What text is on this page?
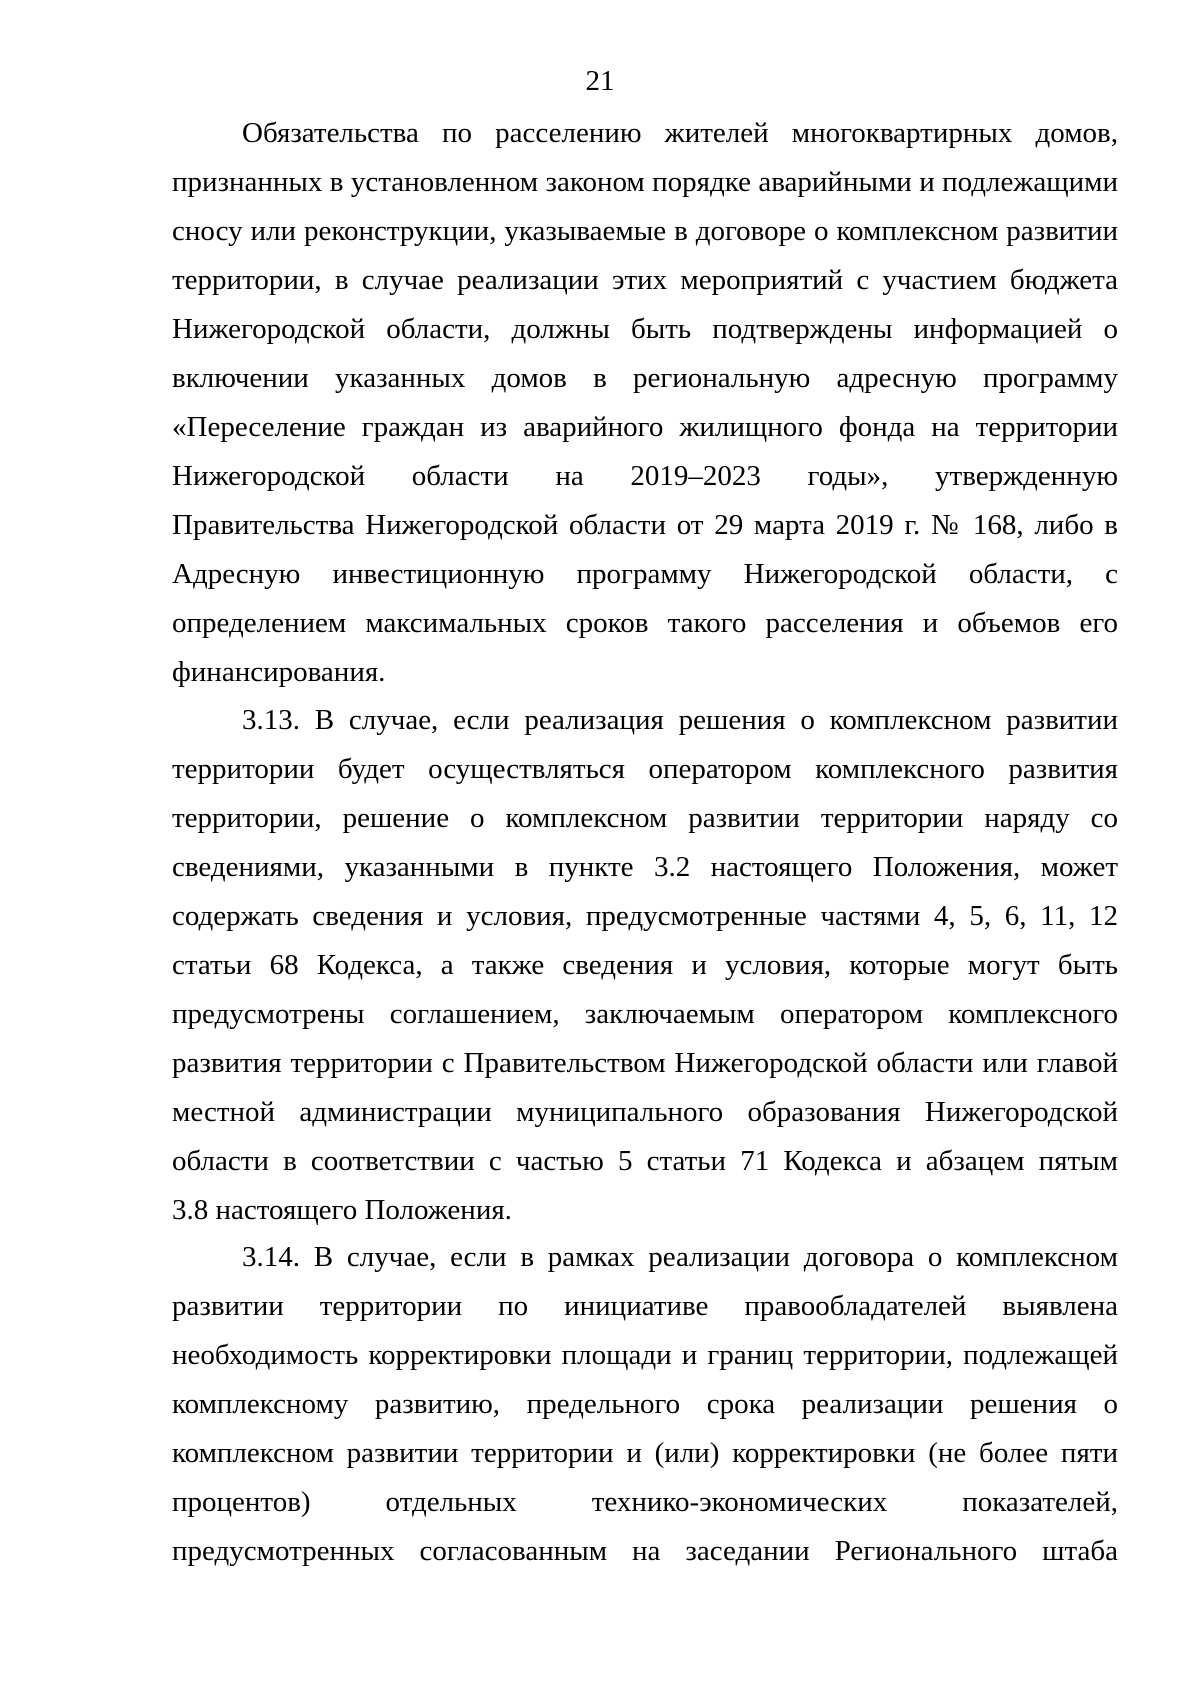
21
Обязательства по расселению жителей многоквартирных домов,
признанных в установленном законом порядке аварийными и подлежащими
сносу или реконструкции, указываемые в договоре о комплексном развитии
территории, в случае реализации этих мероприятий с участием бюджета
Нижегородской области, должны быть подтверждены информацией о
включении указанных домов в региональную адресную программу
«Переселение граждан из аварийного жилищного фонда на территории
Нижегородской области на 2019–2023 годы», утвержденную
Правительства Нижегородской области от 29 марта 2019 г. № 168, либо в
Адресную инвестиционную программу Нижегородской области, с
определением максимальных сроков такого расселения и объемов его
финансирования.
3.13. В случае, если реализация решения о комплексном развитии
территории будет осуществляться оператором комплексного развития
территории, решение о комплексном развитии территории наряду со
сведениями, указанными в пункте 3.2 настоящего Положения, может
содержать сведения и условия, предусмотренные частями 4, 5, 6, 11, 12
статьи 68 Кодекса, а также сведения и условия, которые могут быть
предусмотрены соглашением, заключаемым оператором комплексного
развития территории с Правительством Нижегородской области или главой
местной администрации муниципального образования Нижегородской
области в соответствии с частью 5 статьи 71 Кодекса и абзацем пятым
3.8 настоящего Положения.
3.14. В случае, если в рамках реализации договора о комплексном
развитии территории по инициативе правообладателей выявлена
необходимость корректировки площади и границ территории, подлежащей
комплексному развитию, предельного срока реализации решения о
комплексном развитии территории и (или) корректировки (не более пяти
процентов) отдельных технико-экономических показателей,
предусмотренных согласованным на заседании Регионального штаба
